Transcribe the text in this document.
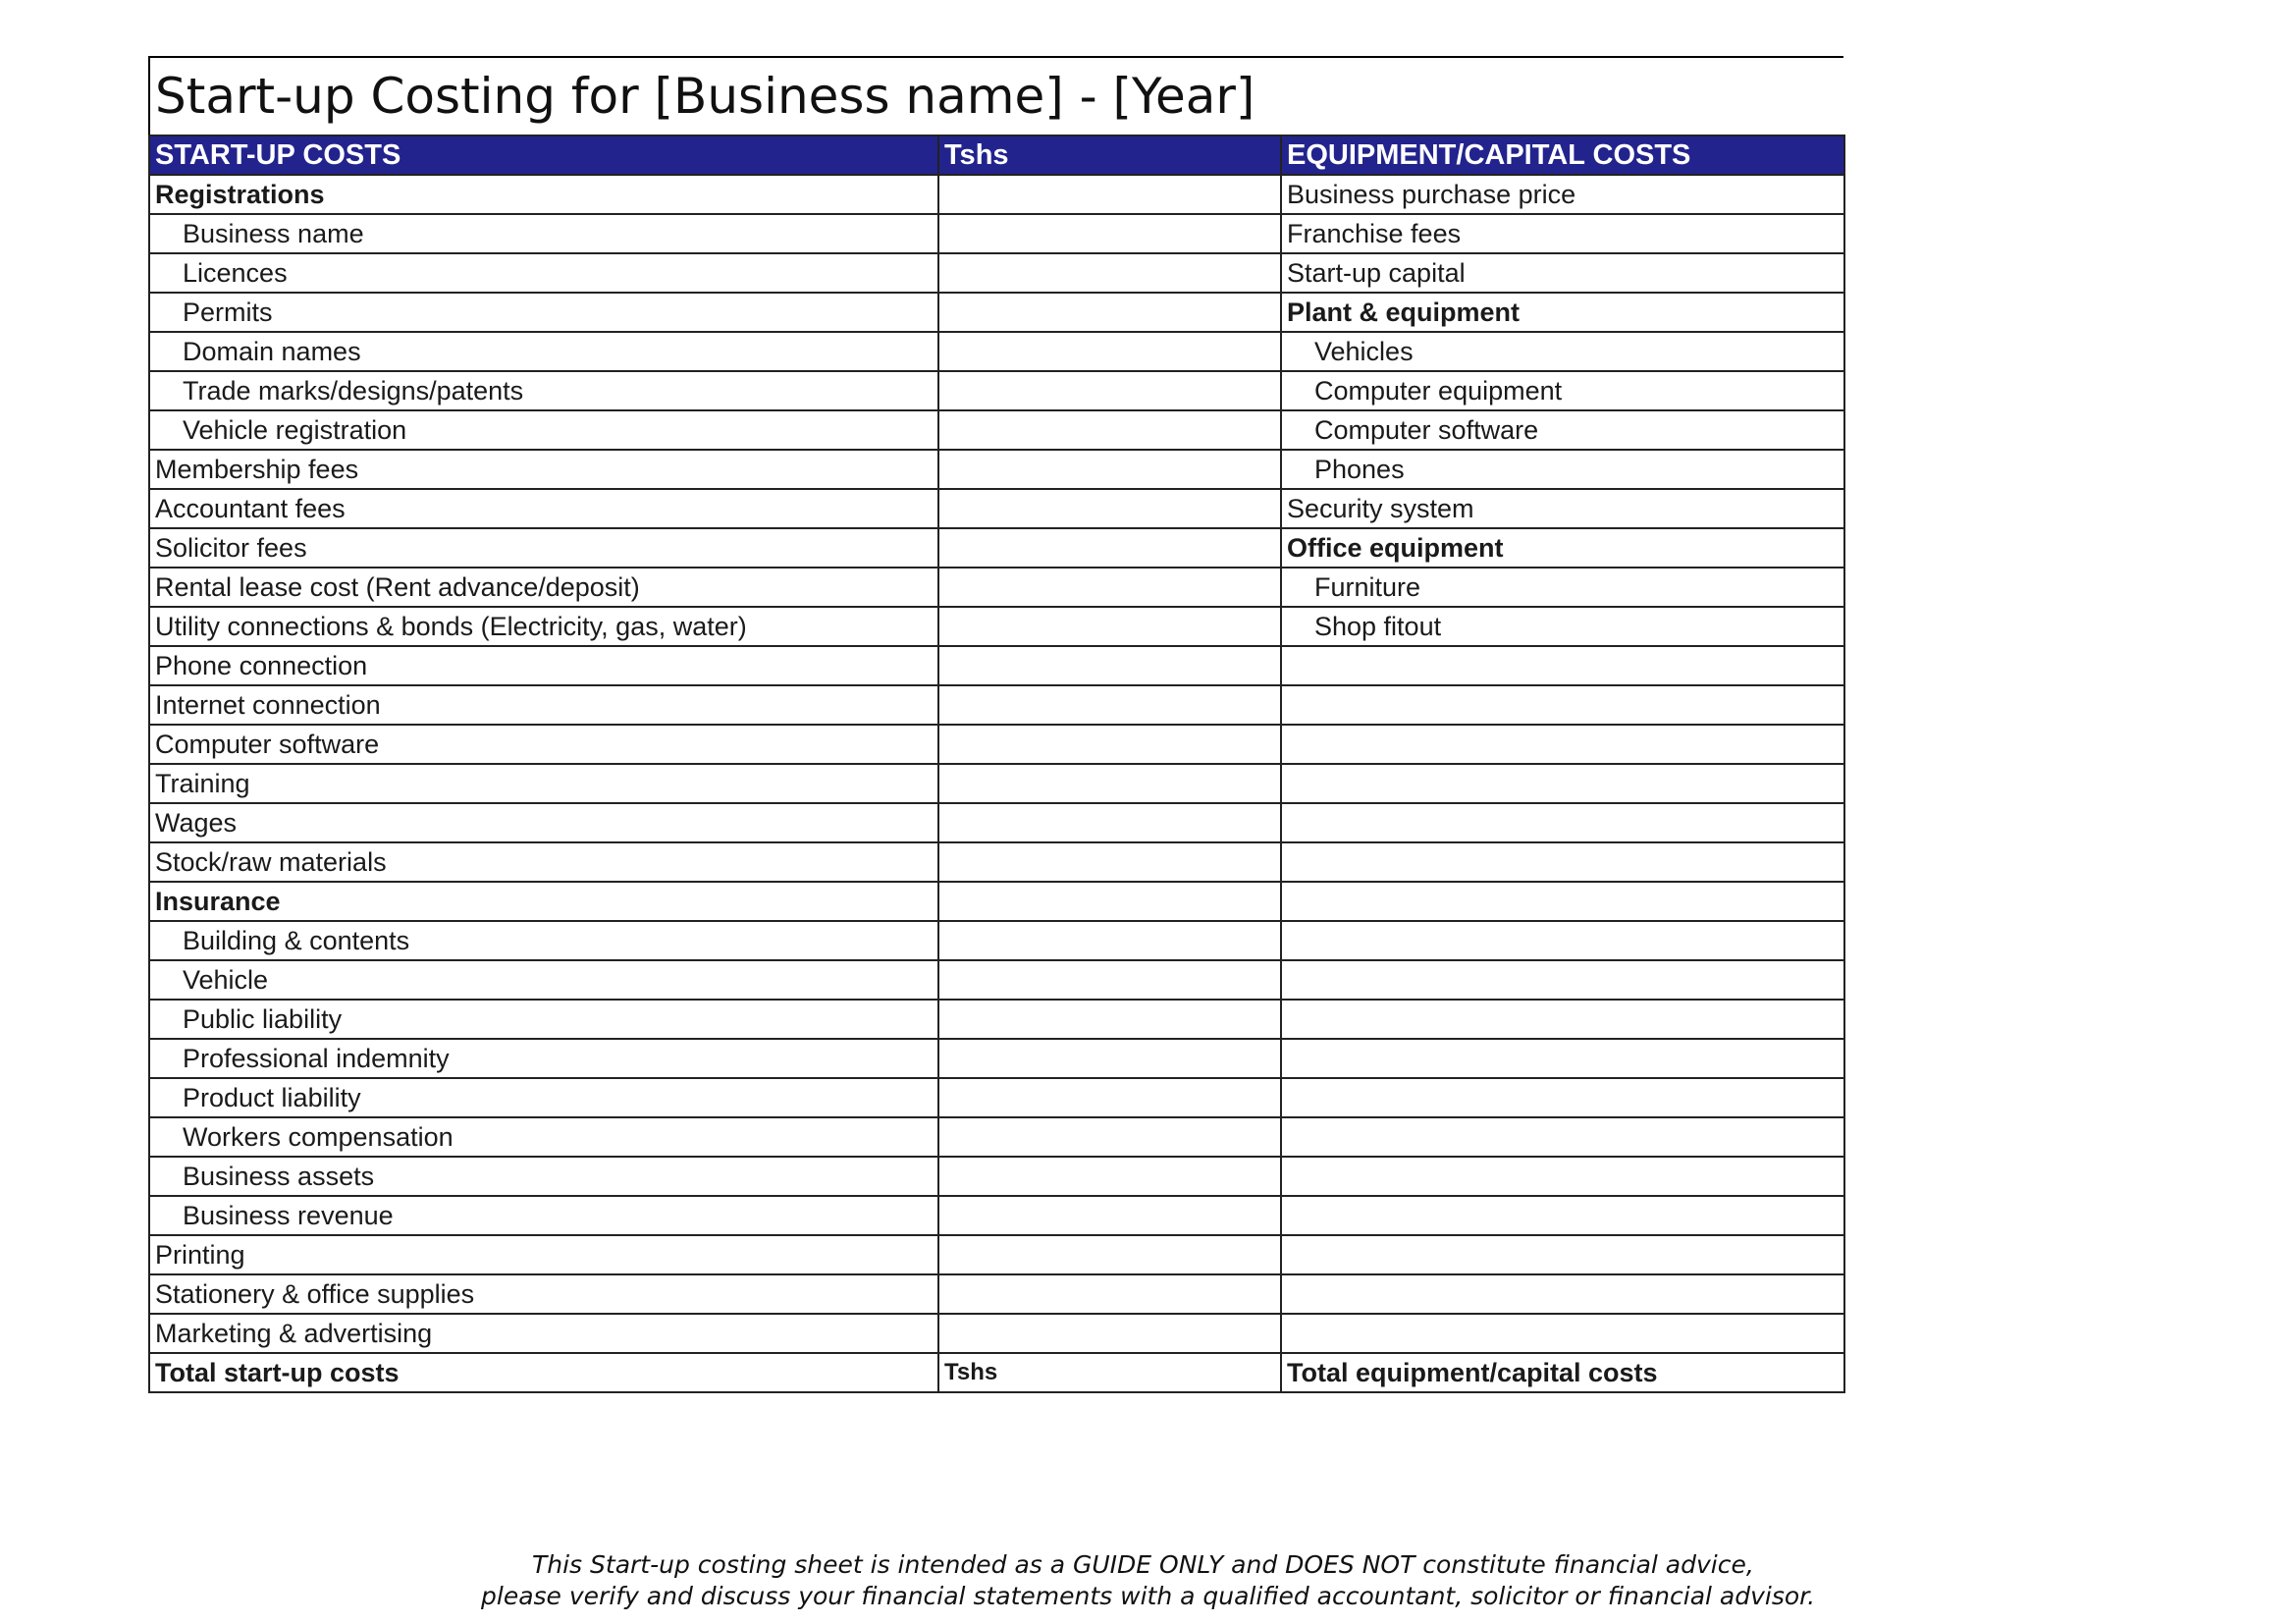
Start-up Costing for [Business name] - [Year]
START-UP COSTS	Tshs	EQUIPMENT/CAPITAL COSTS
Registrations		Business purchase price
Business name		Franchise fees
Licences		Start-up capital
Permits		Plant & equipment
Domain names		Vehicles
Trade marks/designs/patents		Computer equipment
Vehicle registration		Computer software
Membership fees		Phones
Accountant fees		Security system
Solicitor fees		Office equipment
Rental lease cost (Rent advance/deposit)		Furniture
Utility connections & bonds (Electricity, gas, water)		Shop fitout
Phone connection		
Internet connection		
Computer software		
Training		
Wages		
Stock/raw materials		
Insurance		
Building & contents		
Vehicle		
Public liability		
Professional indemnity		
Product liability		
Workers compensation		
Business assets		
Business revenue		
Printing		
Stationery & office supplies		
Marketing & advertising		
Total start-up costs	Tshs	Total equipment/capital costs
This Start-up costing sheet is intended as a GUIDE ONLY and DOES NOT constitute financial advice,
please verify and discuss your financial statements with a qualified accountant, solicitor or financial advisor.
